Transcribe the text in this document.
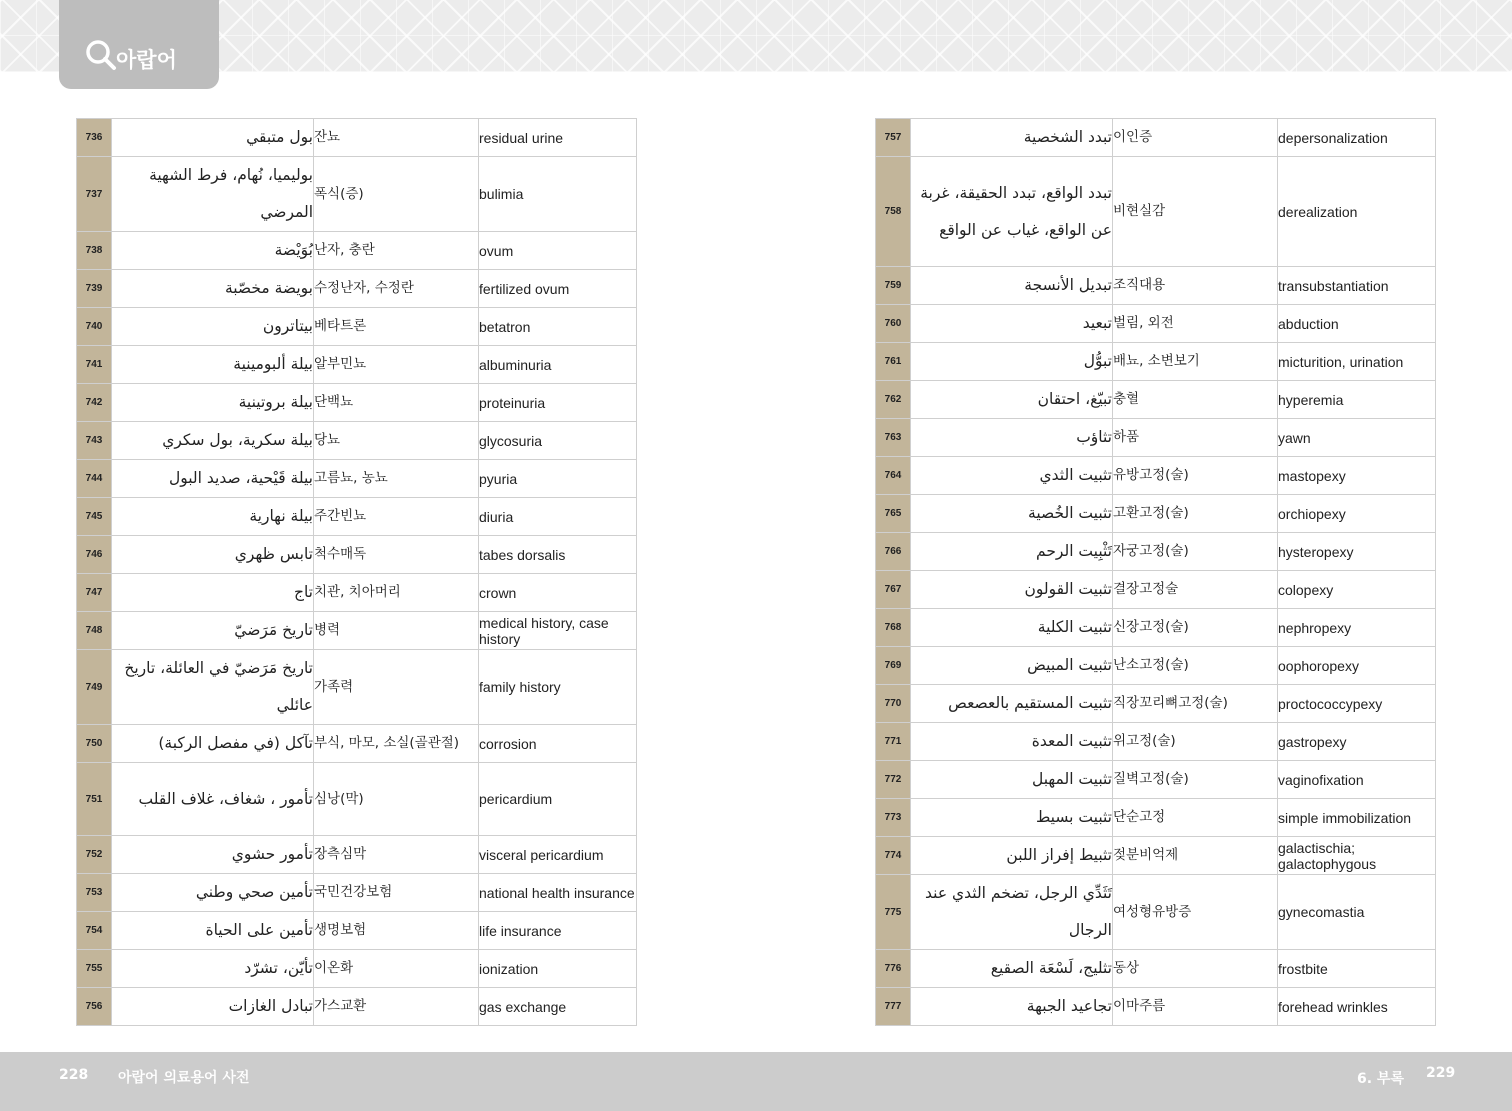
아랍어
736	بول متبقي	잔뇨	residual urine
737	بوليميا، نُهام، فرط الشهية المرضي	폭식(증)	bulimia
738	بُوَيْضة	난자, 충란	ovum
739	بويضة مخصّبة	수정난자, 수정란	fertilized ovum
740	بيتاترون	베타트론	betatron
741	بيلة ألبومينية	알부민뇨	albuminuria
742	بيلة بروتينية	단백뇨	proteinuria
743	بيلة سكرية، بول سكري	당뇨	glycosuria
744	بيلة قَيْحية، صديد البول	고름뇨, 농뇨	pyuria
745	بيلة نهارية	주간빈뇨	diuria
746	تابس ظهري	척수매독	tabes dorsalis
747	تاج	치관, 치아머리	crown
748	تاريخ مَرَضيّ	병력	medical history, case history
749	تاريخ مَرَضيّ في العائلة، تاريخ عائلي	가족력	family history
750	تآكل (في مفصل الركبة)	부식, 마모, 소실(골관절)	corrosion
751	تأمور ، شغاف، غلاف القلب	심낭(막)	pericardium
752	تأمور حشوي	장측심막	visceral pericardium
753	تأمين صحي وطني	국민건강보험	national health insurance
754	تأمين على الحياة	생명보험	life insurance
755	تأيّن، تشرّد	이온화	ionization
756	تبادل الغازات	가스교환	gas exchange
757	تبدد الشخصية	이인증	depersonalization
758	تبدد الواقع، تبدد الحقيقة، غربة عن الواقع، غياب عن الواقع	비현실감	derealization
759	تبديل الأنسجة	조직대용	transubstantiation
760	تبعيد	벌림, 외전	abduction
761	تبوُّل	배뇨, 소변보기	micturition, urination
762	تبيّغ، احتقان	충혈	hyperemia
763	تثاؤب	하품	yawn
764	تثبيت الثدي	유방고정(술)	mastopexy
765	تثبيت الخُصية	고환고정(술)	orchiopexy
766	تَثْبِيت الرحم	자궁고정(술)	hysteropexy
767	تثبيت القولون	결장고정술	colopexy
768	تثبيت الكلية	신장고정(술)	nephropexy
769	تثبيت المبيض	난소고정(술)	oophoropexy
770	تثبيت المستقيم بالعصعص	직장꼬리뼈고정(술)	proctococcypexy
771	تثبيت المعدة	위고정(술)	gastropexy
772	تثبيت المهبل	질벽고정(술)	vaginofixation
773	تثبيت بسيط	단순고정	simple immobilization
774	تثبيط إفراز اللبن	젖분비억제	galactischia; galactophygous
775	تَثَدِّي الرجل، تضخم الثدي عند الرجال	여성형유방증	gynecomastia
776	تثليج، لَسْعَة الصقيع	동상	frostbite
777	تجاعيد الجبهة	이마주름	forehead wrinkles
228 아랍어 의료용어 사전	6. 부록 229
